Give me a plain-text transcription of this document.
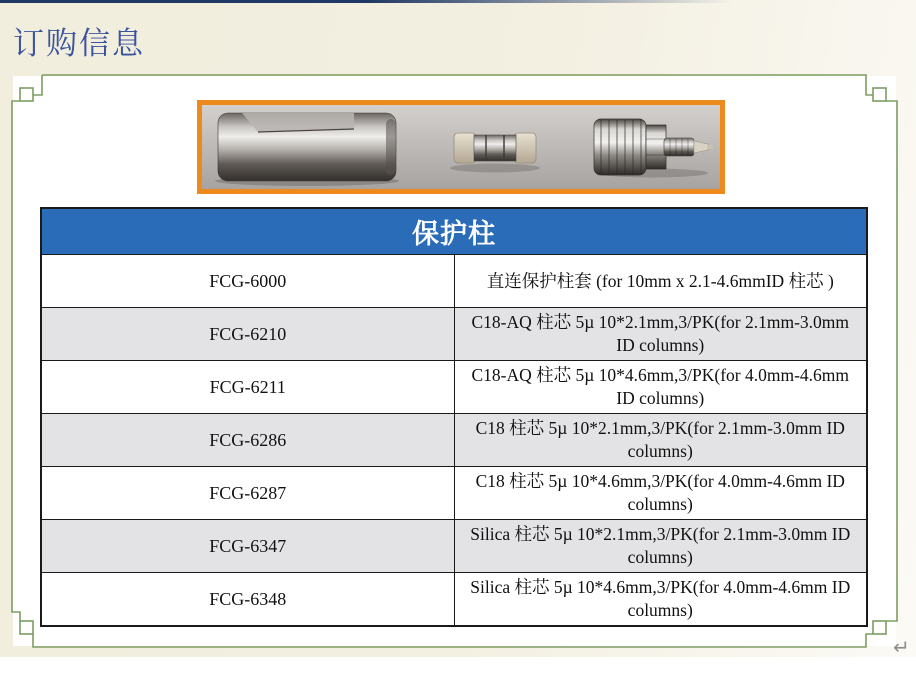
订购信息
保护柱	
FCG-6000	直连保护柱套 (for 10mm x 2.1-4.6mmID 柱芯 )
FCG-6210	C18-AQ 柱芯 5µ 10*2.1mm,3/PK(for 2.1mm-3.0mm ID columns)
FCG-6211	C18-AQ 柱芯 5µ 10*4.6mm,3/PK(for 4.0mm-4.6mm ID columns)
FCG-6286	C18 柱芯 5µ 10*2.1mm,3/PK(for 2.1mm-3.0mm ID columns)
FCG-6287	C18 柱芯 5µ 10*4.6mm,3/PK(for 4.0mm-4.6mm ID columns)
FCG-6347	Silica 柱芯 5µ 10*2.1mm,3/PK(for 2.1mm-3.0mm ID columns)
FCG-6348	Silica 柱芯 5µ 10*4.6mm,3/PK(for 4.0mm-4.6mm ID columns)
↵
